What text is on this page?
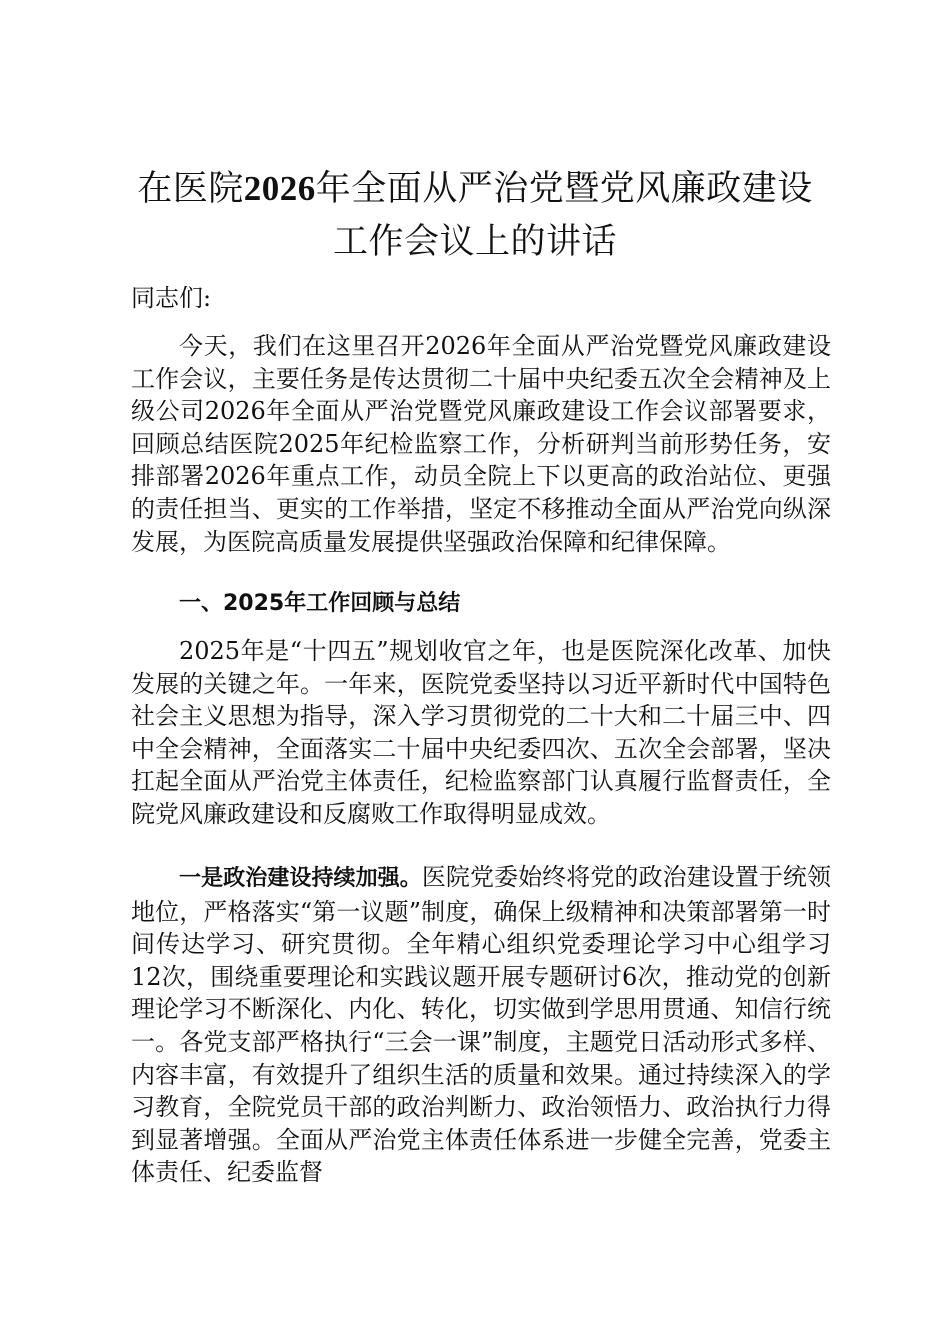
在医院2026年全面从严治党暨党风廉政建设
工作会议上的讲话
同志们:
今天，我们在这里召开2026年全面从严治党暨党风廉政建设工作会议，主要任务是传达贯彻二十届中央纪委五次全会精神及上级公司2026年全面从严治党暨党风廉政建设工作会议部署要求，回顾总结医院2025年纪检监察工作，分析研判当前形势任务，安排部署2026年重点工作，动员全院上下以更高的政治站位、更强的责任担当、更实的工作举措，坚定不移推动全面从严治党向纵深发展，为医院高质量发展提供坚强政治保障和纪律保障。
一、2025年工作回顾与总结
2025年是“十四五”规划收官之年，也是医院深化改革、加快发展的关键之年。一年来，医院党委坚持以习近平新时代中国特色社会主义思想为指导，深入学习贯彻党的二十大和二十届三中、四中全会精神，全面落实二十届中央纪委四次、五次全会部署，坚决扛起全面从严治党主体责任，纪检监察部门认真履行监督责任，全院党风廉政建设和反腐败工作取得明显成效。
一是政治建设持续加强。医院党委始终将党的政治建设置于统领地位，严格落实“第一议题”制度，确保上级精神和决策部署第一时间传达学习、研究贯彻。全年精心组织党委理论学习中心组学习12次，围绕重要理论和实践议题开展专题研讨6次，推动党的创新理论学习不断深化、内化、转化，切实做到学思用贯通、知信行统一。各党支部严格执行“三会一课”制度，主题党日活动形式多样、内容丰富，有效提升了组织生活的质量和效果。通过持续深入的学习教育，全院党员干部的政治判断力、政治领悟力、政治执行力得到显著增强。全面从严治党主体责任体系进一步健全完善，党委主体责任、纪委监督
